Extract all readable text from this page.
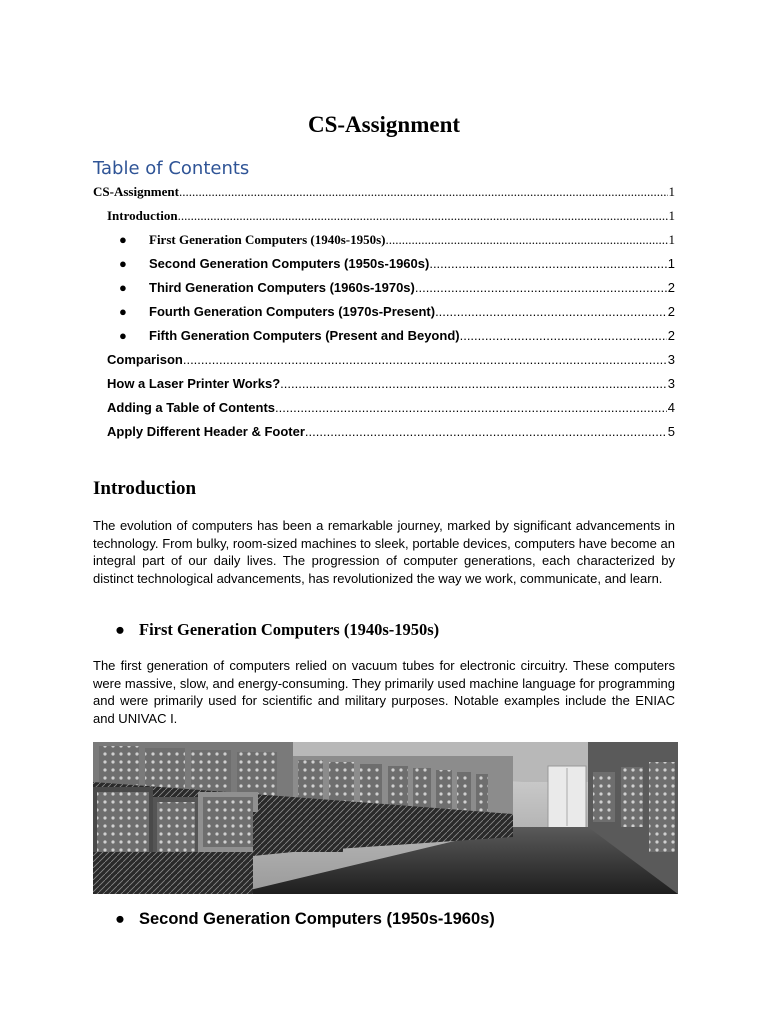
CS-Assignment
Table of Contents
CS-Assignment .....	1
Introduction .....	1
●	First Generation Computers (1940s-1950s) .....	1
●	Second Generation Computers (1950s-1960s) .....	1
●	Third Generation Computers (1960s-1970s) .....	2
●	Fourth Generation Computers (1970s-Present) .....	2
●	Fifth Generation Computers (Present and Beyond) .....	2
Comparison .....	3
How a Laser Printer Works? .....	3
Adding a Table of Contents .....	4
Apply Different Header & Footer .....	5
Introduction
The evolution of computers has been a remarkable journey, marked by significant advancements in technology. From bulky, room-sized machines to sleek, portable devices, computers have become an integral part of our daily lives. The progression of computer generations, each characterized by distinct technological advancements, has revolutionized the way we work, communicate, and learn.
● First Generation Computers (1940s-1950s)
The first generation of computers relied on vacuum tubes for electronic circuitry. These computers were massive, slow, and energy-consuming. They primarily used machine language for programming and were primarily used for scientific and military purposes. Notable examples include the ENIAC and UNIVAC I.
● Second Generation Computers (1950s-1960s)
